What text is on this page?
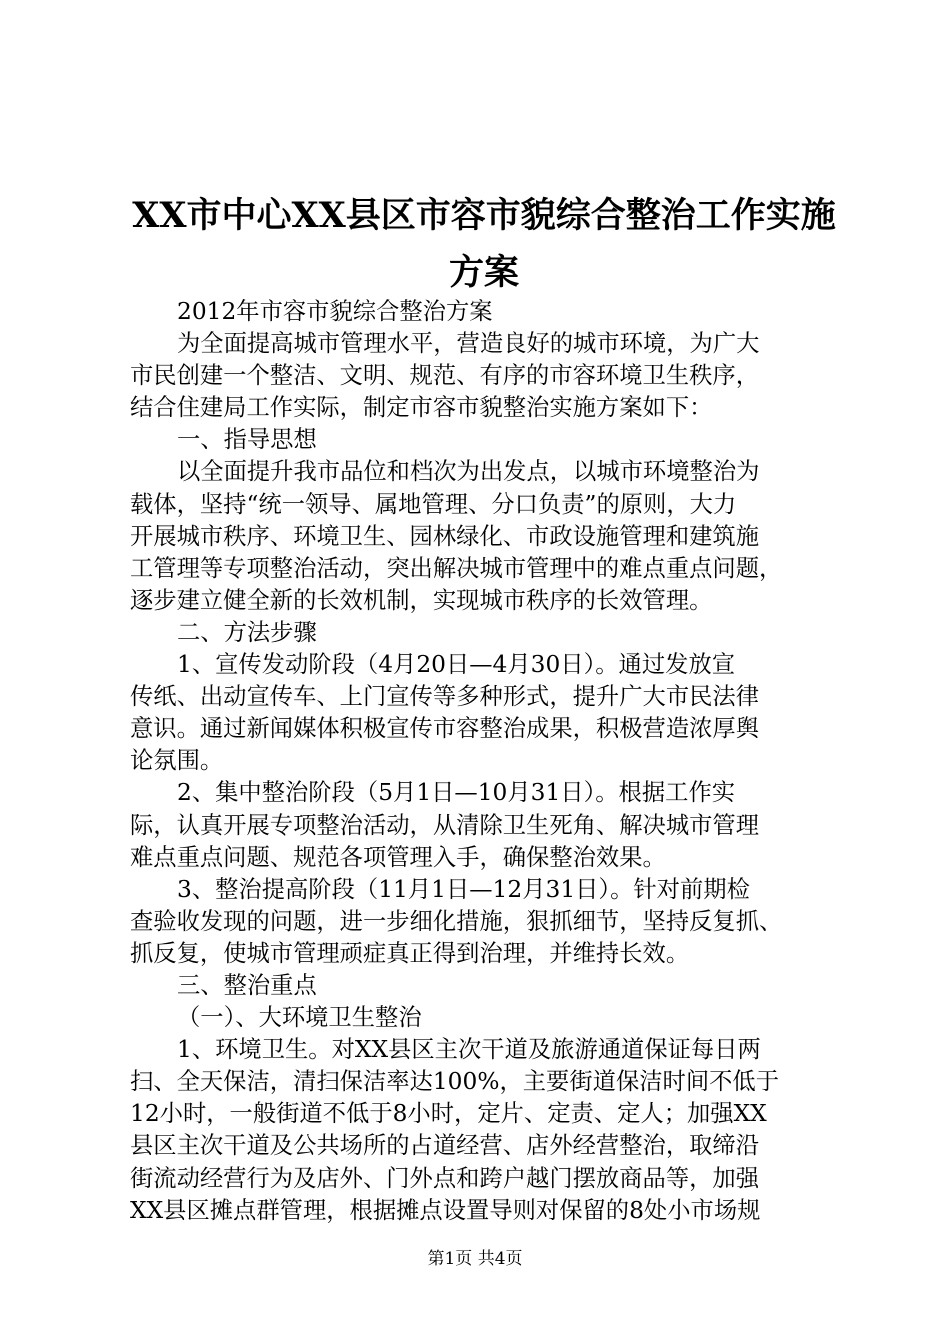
XX市中心XX县区市容市貌综合整治工作实施
方案
2012年市容市貌综合整治方案
为全面提高城市管理水平，营造良好的城市环境，为广大
市民创建一个整洁、文明、规范、有序的市容环境卫生秩序，
结合住建局工作实际，制定市容市貌整治实施方案如下：
一、指导思想
以全面提升我市品位和档次为出发点，以城市环境整治为
载体，坚持“统一领导、属地管理、分口负责”的原则，大力
开展城市秩序、环境卫生、园林绿化、市政设施管理和建筑施
工管理等专项整治活动，突出解决城市管理中的难点重点问题，
逐步建立健全新的长效机制，实现城市秩序的长效管理。
二、方法步骤
1、宣传发动阶段（4月20日—4月30日）。通过发放宣
传纸、出动宣传车、上门宣传等多种形式，提升广大市民法律
意识。通过新闻媒体积极宣传市容整治成果，积极营造浓厚舆
论氛围。
2、集中整治阶段（5月1日—10月31日）。根据工作实
际，认真开展专项整治活动，从清除卫生死角、解决城市管理
难点重点问题、规范各项管理入手，确保整治效果。
3、整治提高阶段（11月1日—12月31日）。针对前期检
查验收发现的问题，进一步细化措施，狠抓细节，坚持反复抓、
抓反复，使城市管理顽症真正得到治理，并维持长效。
三、整治重点
（一）、大环境卫生整治
1、环境卫生。对XX县区主次干道及旅游通道保证每日两
扫、全天保洁，清扫保洁率达100%，主要街道保洁时间不低于
12小时，一般街道不低于8小时，定片、定责、定人；加强XX
县区主次干道及公共场所的占道经营、店外经营整治，取缔沿
街流动经营行为及店外、门外点和跨户越门摆放商品等，加强
XX县区摊点群管理，根据摊点设置导则对保留的8处小市场规
第1页 共4页
